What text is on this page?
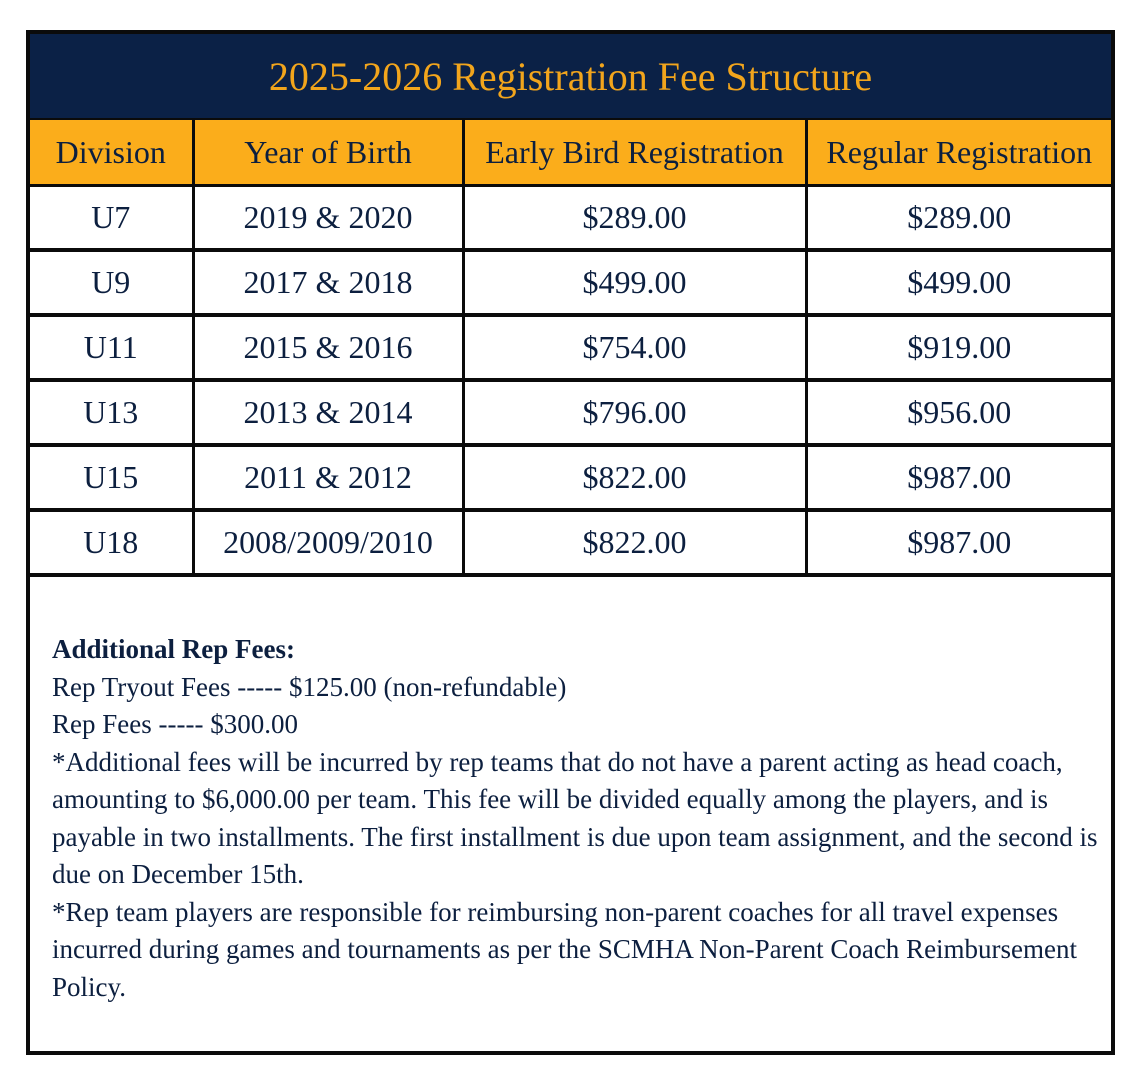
2025-2026 Registration Fee Structure
Division	Year of Birth	Early Bird Registration	Regular Registration
U7	2019 & 2020	$289.00	$289.00
U9	2017 & 2018	$499.00	$499.00
U11	2015 & 2016	$754.00	$919.00
U13	2013 & 2014	$796.00	$956.00
U15	2011 & 2012	$822.00	$987.00
U18	2008/2009/2010	$822.00	$987.00

Additional Rep Fees:

Rep Tryout Fees ----- $125.00 (non-refundable)

Rep Fees ----- $300.00

*Additional fees will be incurred by rep teams that do not have a parent acting as head coach, amounting to $6,000.00 per team. This fee will be divided equally among the players, and is payable in two installments. The first installment is due upon team assignment, and the second is due on December 15th.

*Rep team players are responsible for reimbursing non-parent coaches for all travel expenses incurred during games and tournaments as per the SCMHA Non-Parent Coach Reimbursement Policy.
